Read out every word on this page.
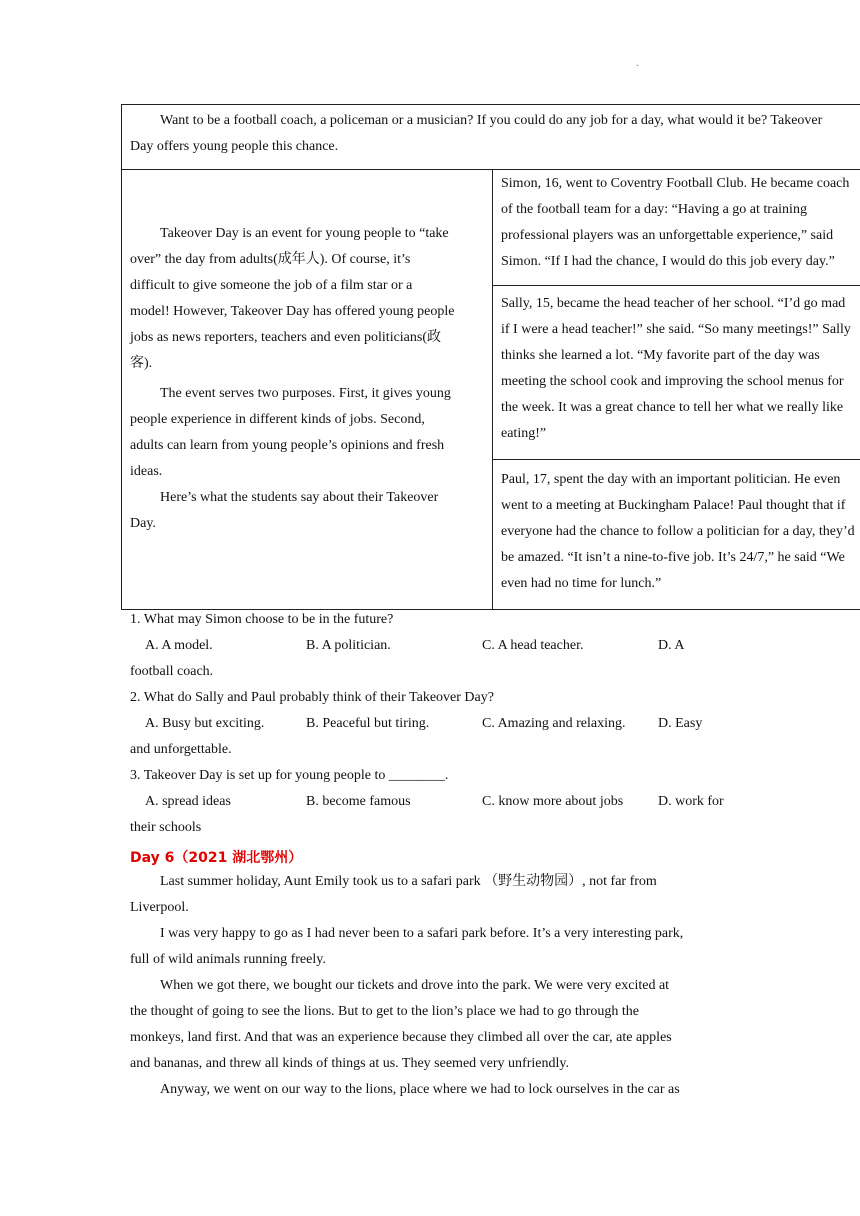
.
Want to be a football coach, a policeman or a musician? If you could do any job for a day, what would it be? Takeover
Day offers young people this chance.
Takeover Day is an event for young people to “take
over” the day from adults(成年人). Of course, it’s
difficult to give someone the job of a film star or a
model! However, Takeover Day has offered young people
jobs as news reporters, teachers and even politicians(政
客).
The event serves two purposes. First, it gives young
people experience in different kinds of jobs. Second,
adults can learn from young people’s opinions and fresh
ideas.
Here’s what the students say about their Takeover
Day.
Simon, 16, went to Coventry Football Club. He became coach
of the football team for a day: “Having a go at training
professional players was an unforgettable experience,” said
Simon. “If I had the chance, I would do this job every day.”
Sally, 15, became the head teacher of her school. “I’d go mad
if I were a head teacher!” she said. “So many meetings!” Sally
thinks she learned a lot. “My favorite part of the day was
meeting the school cook and improving the school menus for
the week. It was a great chance to tell her what we really like
eating!”
Paul, 17, spent the day with an important politician. He even
went to a meeting at Buckingham Palace! Paul thought that if
everyone had the chance to follow a politician for a day, they’d
be amazed. “It isn’t a nine-to-five job. It’s 24/7,” he said “We
even had no time for lunch.”
1. What may Simon choose to be in the future?
A. A model.	B. A politician.	C. A head teacher.	D. A
football coach.
2. What do Sally and Paul probably think of their Takeover Day?
A. Busy but exciting.	B. Peaceful but tiring.	C. Amazing and relaxing. D. Easy
and unforgettable.
3. Takeover Day is set up for young people to ________.
A. spread ideas	B. become famous	C. know more about jobs D. work for
their schools
Day 6（2021 湖北鄂州）
Last summer holiday, Aunt Emily took us to a safari park （野生动物园）, not far from
Liverpool.
I was very happy to go as I had never been to a safari park before. It’s a very interesting park,
full of wild animals running freely.
When we got there, we bought our tickets and drove into the park. We were very excited at
the thought of going to see the lions. But to get to the lion’s place we had to go through the
monkeys, land first. And that was an experience because they climbed all over the car, ate apples
and bananas, and threw all kinds of things at us. They seemed very unfriendly.
Anyway, we went on our way to the lions, place where we had to lock ourselves in the car as
